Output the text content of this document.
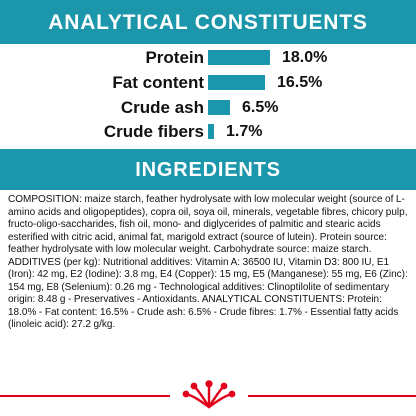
ANALYTICAL CONSTITUENTS
Protein	18.0%
Fat content	16.5%
Crude ash 6.5%
Crude fibers 1.7%
INGREDIENTS

COMPOSITION: maize starch, feather hydrolysate with low molecular weight (source of L-amino acids and oligopeptides), copra oil, soya oil, minerals, vegetable fibres, chicory pulp, fructo-oligo-saccharides, fish oil, mono- and diglycerides of palmitic and stearic acids esterified with citric acid, animal fat, marigold extract (source of lutein). Protein source: feather hydrolysate with low molecular weight. Carbohydrate source: maize starch. ADDITIVES (per kg): Nutritional additives: Vitamin A: 36500 IU, Vitamin D3: 800 IU, E1 (Iron): 42 mg, E2 (Iodine): 3.8 mg, E4 (Copper): 15 mg, E5 (Manganese): 55 mg, E6 (Zinc): 154 mg, E8 (Selenium): 0.26 mg - Technological additives: Clinoptilolite of sedimentary origin: 8.48 g - Preservatives - Antioxidants. ANALYTICAL CONSTITUENTS: Protein: 18.0% - Fat content: 16.5% - Crude ash: 6.5% - Crude fibres: 1.7% - Essential fatty acids (linoleic acid): 27.2 g/kg.
